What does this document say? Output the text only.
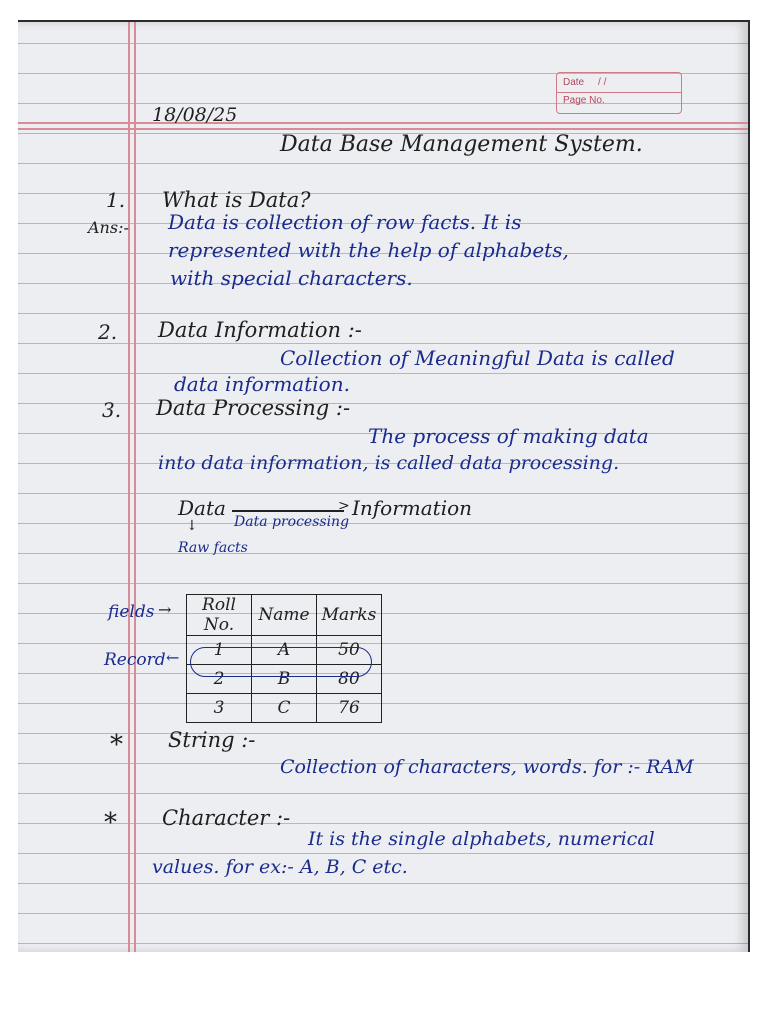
Date / /
Page No.
18/08/25
Data Base Management System.
1. What is Data?
Ans:- Data is collection of row facts. It is
represented with the help of alphabets,
with special characters.
2. Data Information :-
Collection of Meaningful Data is called
data information.
3. Data Processing :-
The process of making data
into data information, is called data processing.
Data	> Information
Data processing
↓
Raw facts
fields →
Record ←
Roll No.	Name	Marks
1	A	50
2	B	80
3	C	76
* String :-
Collection of characters, words. for :- RAM
* Character :-
It is the single alphabets, numerical
values. for ex:- A, B, C etc.
